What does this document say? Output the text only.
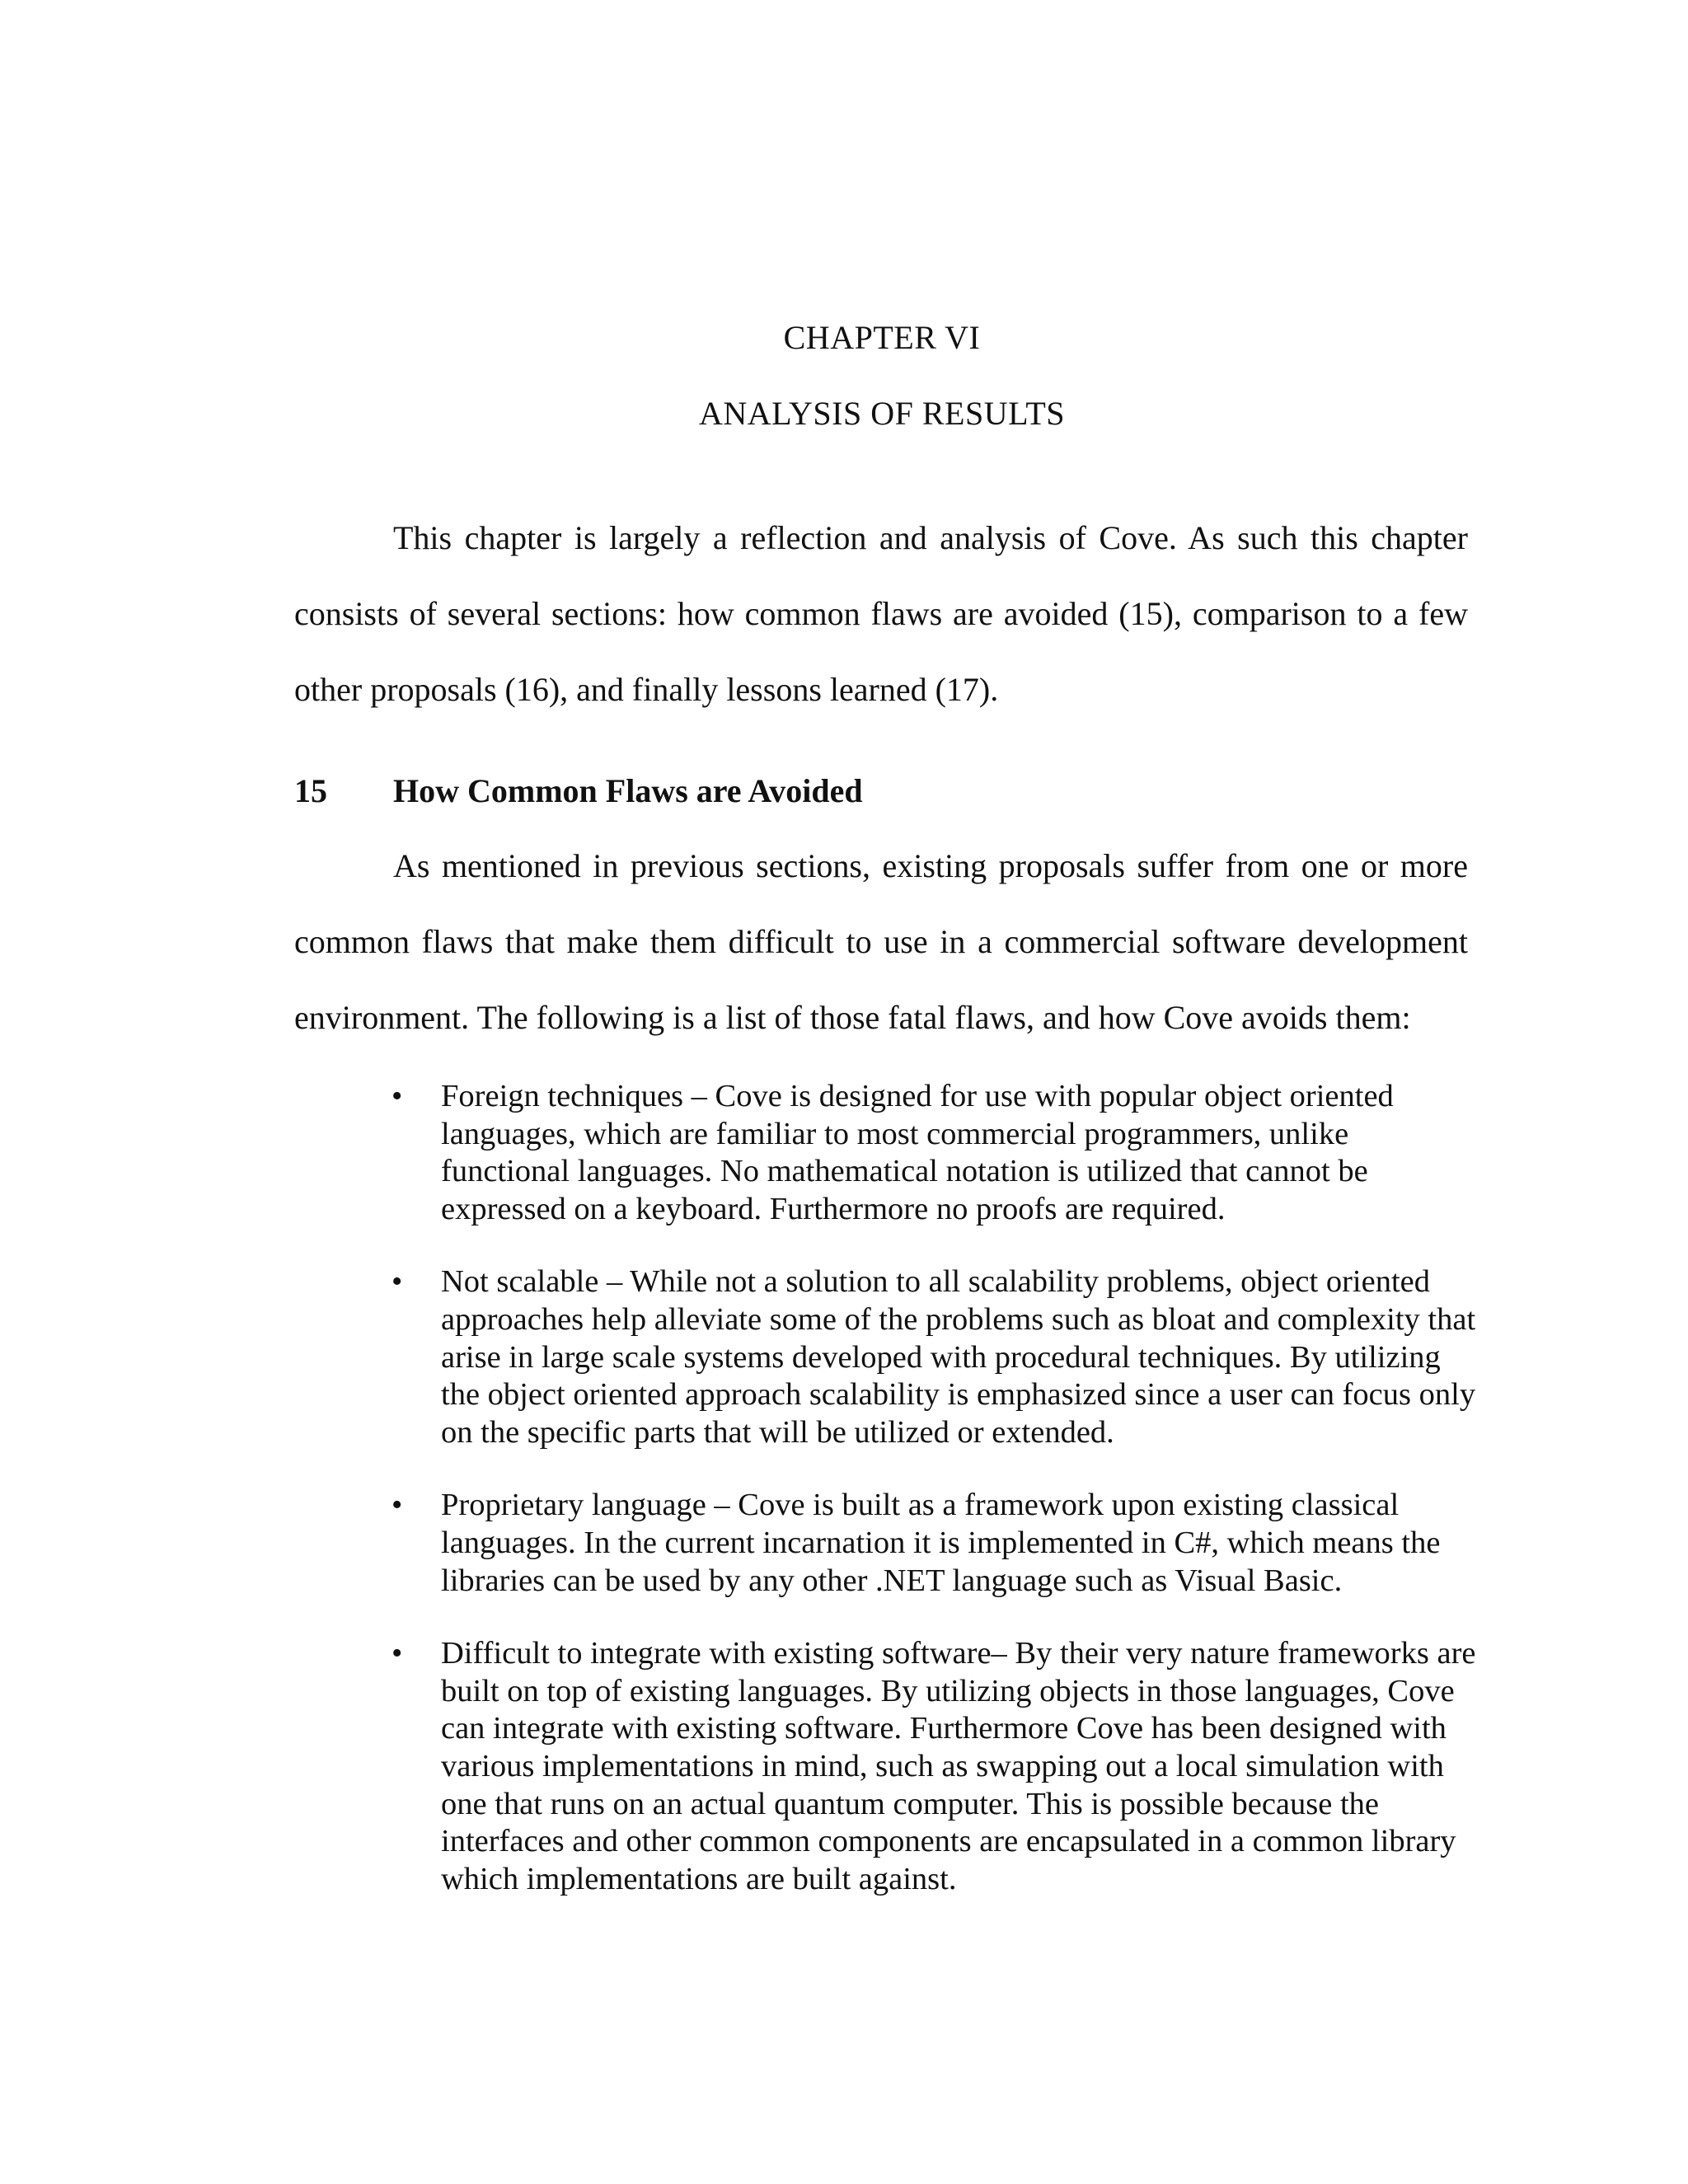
CHAPTER VI
ANALYSIS OF RESULTS

This chapter is largely a reflection and analysis of Cove. As such this chapter consists of several sections: how common flaws are avoided (15), comparison to a few other proposals (16), and finally lessons learned (17).

15 How Common Flaws are Avoided

As mentioned in previous sections, existing proposals suffer from one or more common flaws that make them difficult to use in a commercial software development environment. The following is a list of those fatal flaws, and how Cove avoids them:

•	Foreign techniques – Cove is designed for use with popular object oriented languages, which are familiar to most commercial programmers, unlike functional languages. No mathematical notation is utilized that cannot be expressed on a keyboard. Furthermore no proofs are required.
•	Not scalable – While not a solution to all scalability problems, object oriented approaches help alleviate some of the problems such as bloat and complexity that arise in large scale systems developed with procedural techniques. By utilizing the object oriented approach scalability is emphasized since a user can focus only on the specific parts that will be utilized or extended.
•	Proprietary language – Cove is built as a framework upon existing classical languages. In the current incarnation it is implemented in C#, which means the libraries can be used by any other .NET language such as Visual Basic.
•	Difficult to integrate with existing software– By their very nature frameworks are built on top of existing languages. By utilizing objects in those languages, Cove can integrate with existing software. Furthermore Cove has been designed with various implementations in mind, such as swapping out a local simulation with one that runs on an actual quantum computer. This is possible because the interfaces and other common components are encapsulated in a common library which implementations are built against.
